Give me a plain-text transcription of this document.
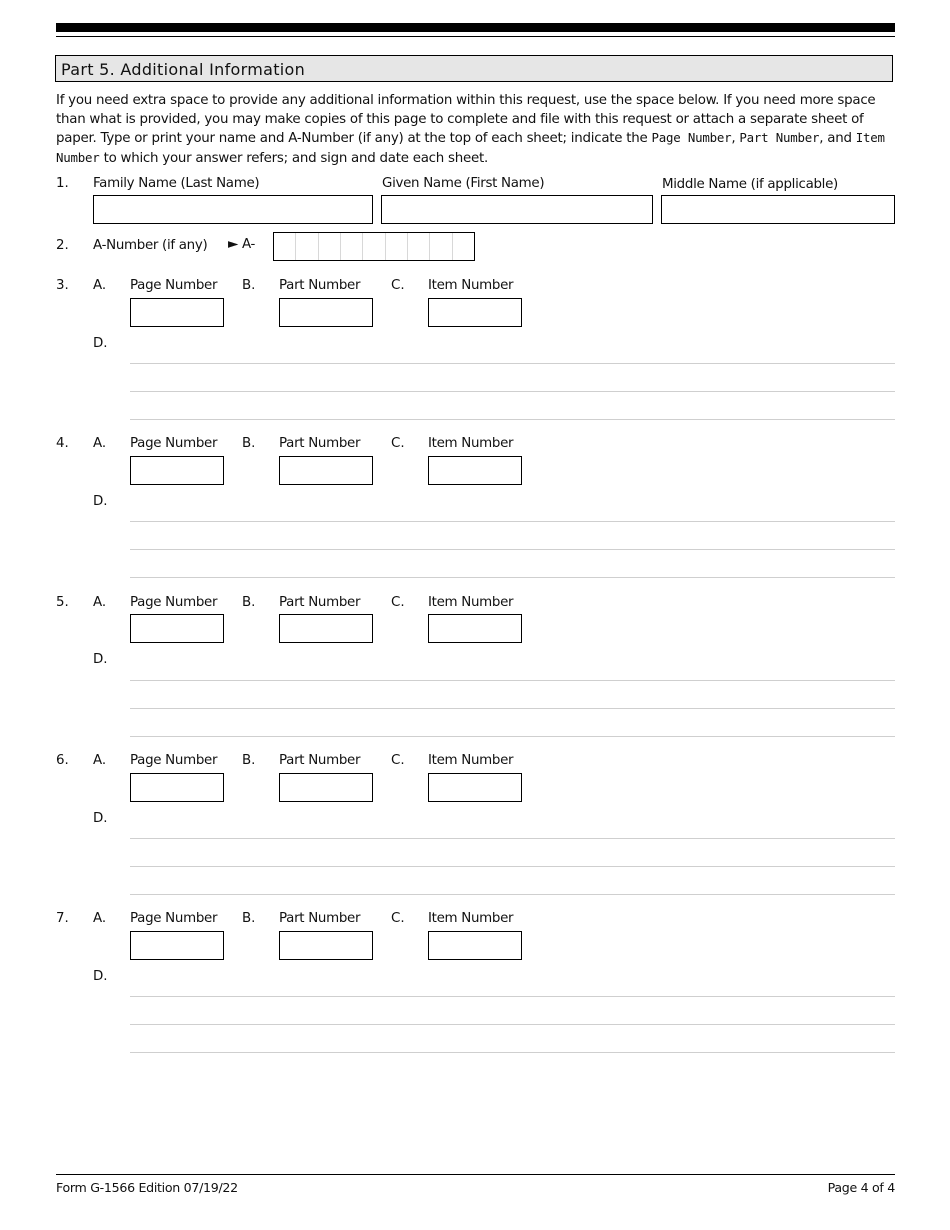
Part 5. Additional Information
If you need extra space to provide any additional information within this request, use the space below. If you need more space than what is provided, you may make copies of this page to complete and file with this request or attach a separate sheet of paper. Type or print your name and A-Number (if any) at the top of each sheet; indicate the Page Number, Part Number, and Item Number to which your answer refers; and sign and date each sheet.
1. Family Name (Last Name)	Given Name (First Name)	Middle Name (if applicable)
2. A-Number (if any) ► A-
3. A. Page Number B. Part Number C. Item Number
D.
4. A. Page Number B. Part Number C. Item Number
D.
5. A. Page Number B. Part Number C. Item Number
D.
6. A. Page Number B. Part Number C. Item Number
D.
7. A. Page Number B. Part Number C. Item Number
D.
Form G-1566 Edition 07/19/22	Page 4 of 4
